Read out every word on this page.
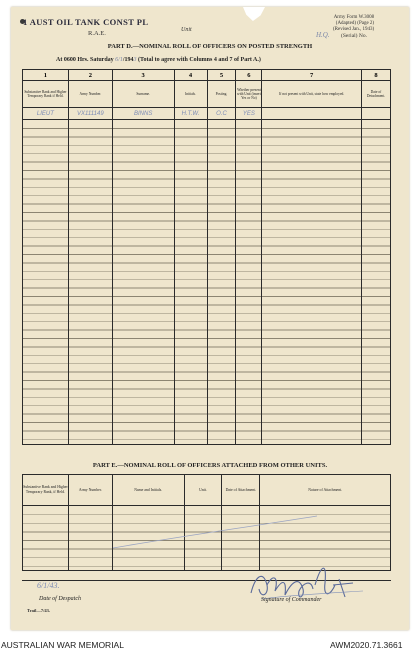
1 AUST OIL TANK CONST PL
Unit
R.A.E.
Army Form W.3008
(Adapted) (Page 2)
(Revised Jan., 1943)
H.Q. (Serial) No.
PART D.—NOMINAL ROLL OF OFFICERS ON POSTED STRENGTH
At 0600 Hrs. Saturday 6/1/1943 (Total to agree with Columns 4 and 7 of Part A.)
1	2	3	4	5	6	7	8
Substantive Rank and Higher Temporary Rank if Held.	Army Number.	Surname.	Initials.	Posting.	Whether present with Unit (insert Yes or No)	If not present with Unit, state how employed.	Date of Detachment.
LIEUT	VX111149	BINNS	H.T.W.	O.C	YES		

PART E.—NOMINAL ROLL OF OFFICERS ATTACHED FROM OTHER UNITS.
Substantive Rank and Higher Temporary Rank, if Held.	Army Number.	Name and Initials.	Unit.	Date of Attachment.	Nature of Attachment.

6/1/43.
Date of Despatch	Signature of Commander
Trail—7/43.
AUSTRALIAN WAR MEMORIAL	AWM2020.71.3661
